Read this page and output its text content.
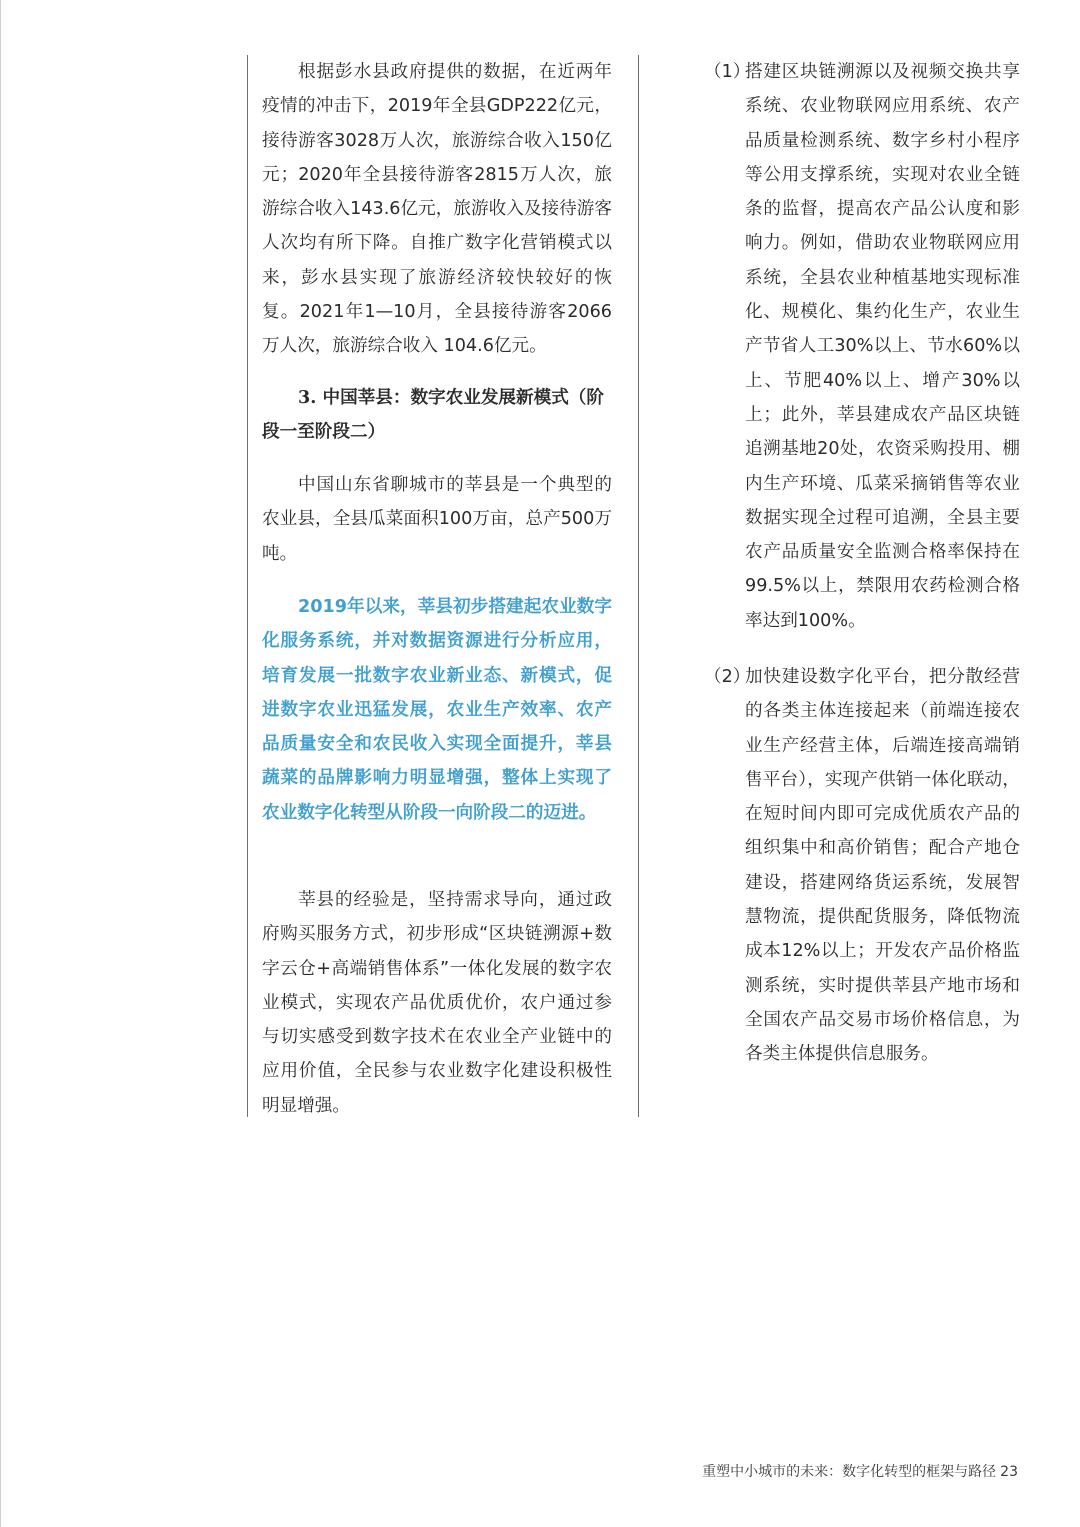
根据彭水县政府提供的数据，在近两年疫情的冲击下，2019年全县GDP222亿元，接待游客3028万人次，旅游综合收入150亿元；2020年全县接待游客2815万人次，旅游综合收入143.6亿元，旅游收入及接待游客人次均有所下降。自推广数字化营销模式以来，彭水县实现了旅游经济较快较好的恢复。2021年1—10月，全县接待游客2066万人次，旅游综合收入 104.6亿元。

3. 中国莘县：数字农业发展新模式（阶段一至阶段二）

中国山东省聊城市的莘县是一个典型的农业县，全县瓜菜面积100万亩，总产500万吨。

2019年以来，莘县初步搭建起农业数字化服务系统，并对数据资源进行分析应用，培育发展一批数字农业新业态、新模式，促进数字农业迅猛发展，农业生产效率、农产品质量安全和农民收入实现全面提升，莘县蔬菜的品牌影响力明显增强，整体上实现了农业数字化转型从阶段一向阶段二的迈进。

莘县的经验是，坚持需求导向，通过政府购买服务方式，初步形成“区块链溯源+数字云仓+高端销售体系”一体化发展的数字农业模式，实现农产品优质优价，农户通过参与切实感受到数字技术在农业全产业链中的应用价值，全民参与农业数字化建设积极性明显增强。

（1）

搭建区块链溯源以及视频交换共享系统、农业物联网应用系统、农产品质量检测系统、数字乡村小程序等公用支撑系统，实现对农业全链条的监督，提高农产品公认度和影响力。例如，借助农业物联网应用系统，全县农业种植基地实现标准化、规模化、集约化生产，农业生产节省人工30%以上、节水60%以上、节肥40%以上、增产30%以上；此外，莘县建成农产品区块链追溯基地20处，农资采购投用、棚内生产环境、瓜菜采摘销售等农业数据实现全过程可追溯，全县主要农产品质量安全监测合格率保持在99.5%以上，禁限用农药检测合格率达到100%。

（2）

加快建设数字化平台，把分散经营的各类主体连接起来（前端连接农业生产经营主体，后端连接高端销售平台），实现产供销一体化联动，在短时间内即可完成优质农产品的组织集中和高价销售；配合产地仓建设，搭建网络货运系统，发展智慧物流，提供配货服务，降低物流成本12%以上；开发农产品价格监测系统，实时提供莘县产地市场和全国农产品交易市场价格信息，为各类主体提供信息服务。

重塑中小城市的未来：数字化转型的框架与路径 23
